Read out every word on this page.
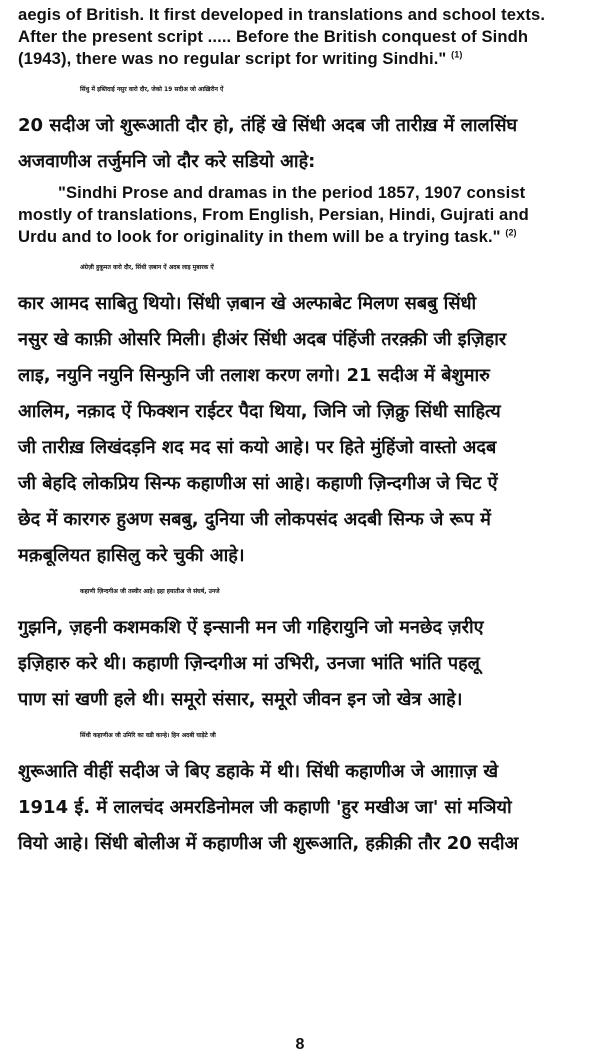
aegis of British. It first developed in translations and school texts.
After the present script ..... Before the British conquest of Sindh
(1943), there was no regular script for writing Sindhi." $^{(1)}$
सिंधु में इब्तिदाई नसुर वारो दौर, जेको 19 सदीअ जो आख़िरीन ऐं
20 सदीअ जो शुरूआती दौर हो, तंहिं खे सिंधी अदब जी तारीख़ में लालसिंघ
अजवाणीअ तर्जुमनि जो दौर करे सडियो आहे:
"Sindhi Prose and dramas in the period 1857, 1907 consist
mostly of translations, From English, Persian, Hindi, Gujrati and
Urdu and to look for originality in them will be a trying task." $^{(2)}$
अंग्रेज़ी हुकूमत वारो दौर, सिंधी ज़बान ऐं अदब लाइ मुबारक ऐं
कार आमद साबितु थियो। सिंधी ज़बान खे अल्फाबेट मिलण सबबु सिंधी
नसुर खे काफ़ी ओसरि मिली। हीअंर सिंधी अदब पंहिंजी तरक़्क़ी जी इज़िहार
लाइ, नयुनि नयुनि सिन्फुनि जी तलाश करण लगो। 21 सदीअ में बेशुमारु
आलिम, नक़ाद ऐं फिक्शन राईटर पैदा थिया, जिनि जो ज़िक्रु सिंधी साहित्य
जी तारीख़ लिखंदड़नि शद मद सां कयो आहे। पर हिते मुंहिंजो वास्तो अदब
जी बेहदि लोकप्रिय सिन्फ कहाणीअ सां आहे। कहाणी ज़िन्दगीअ जे चिट ऐं
छेद में कारगरु हुअण सबबु, दुनिया जी लोकपसंद अदबी सिन्फ जे रूप में
मक़बूलियत हासिलु करे चुकी आहे।
कहाणी ज़िन्दगीअ जी तस्वीर आहे। इहा हयातीअ जे संघर्ष, उनजे
गुझनि, ज़हनी कशमकशि ऐं इन्सानी मन जी गहिरायुनि जो मनछेद ज़रीए
इज़िहारु करे थी। कहाणी ज़िन्दगीअ मां उभिरी, उनजा भांति भांति पहलू
पाण सां खणी हले थी। समूरो संसार, समूरो जीवन इन जो खेत्र आहे।
सिंधी कहाणीअ जी उमिरि का वडी कान्हे। हिन अदबी घाड़ेटे जी
शुरूआति वीहीं सदीअ जे बिए डहाके में थी। सिंधी कहाणीअ जे आग़ाज़ खे
1914 ई. में लालचंद अमरडिनोमल जी कहाणी 'हुर मखीअ जा' सां मञियो
वियो आहे। सिंधी बोलीअ में कहाणीअ जी शुरूआति, हक़ीक़ी तौर 20 सदीअ
8
